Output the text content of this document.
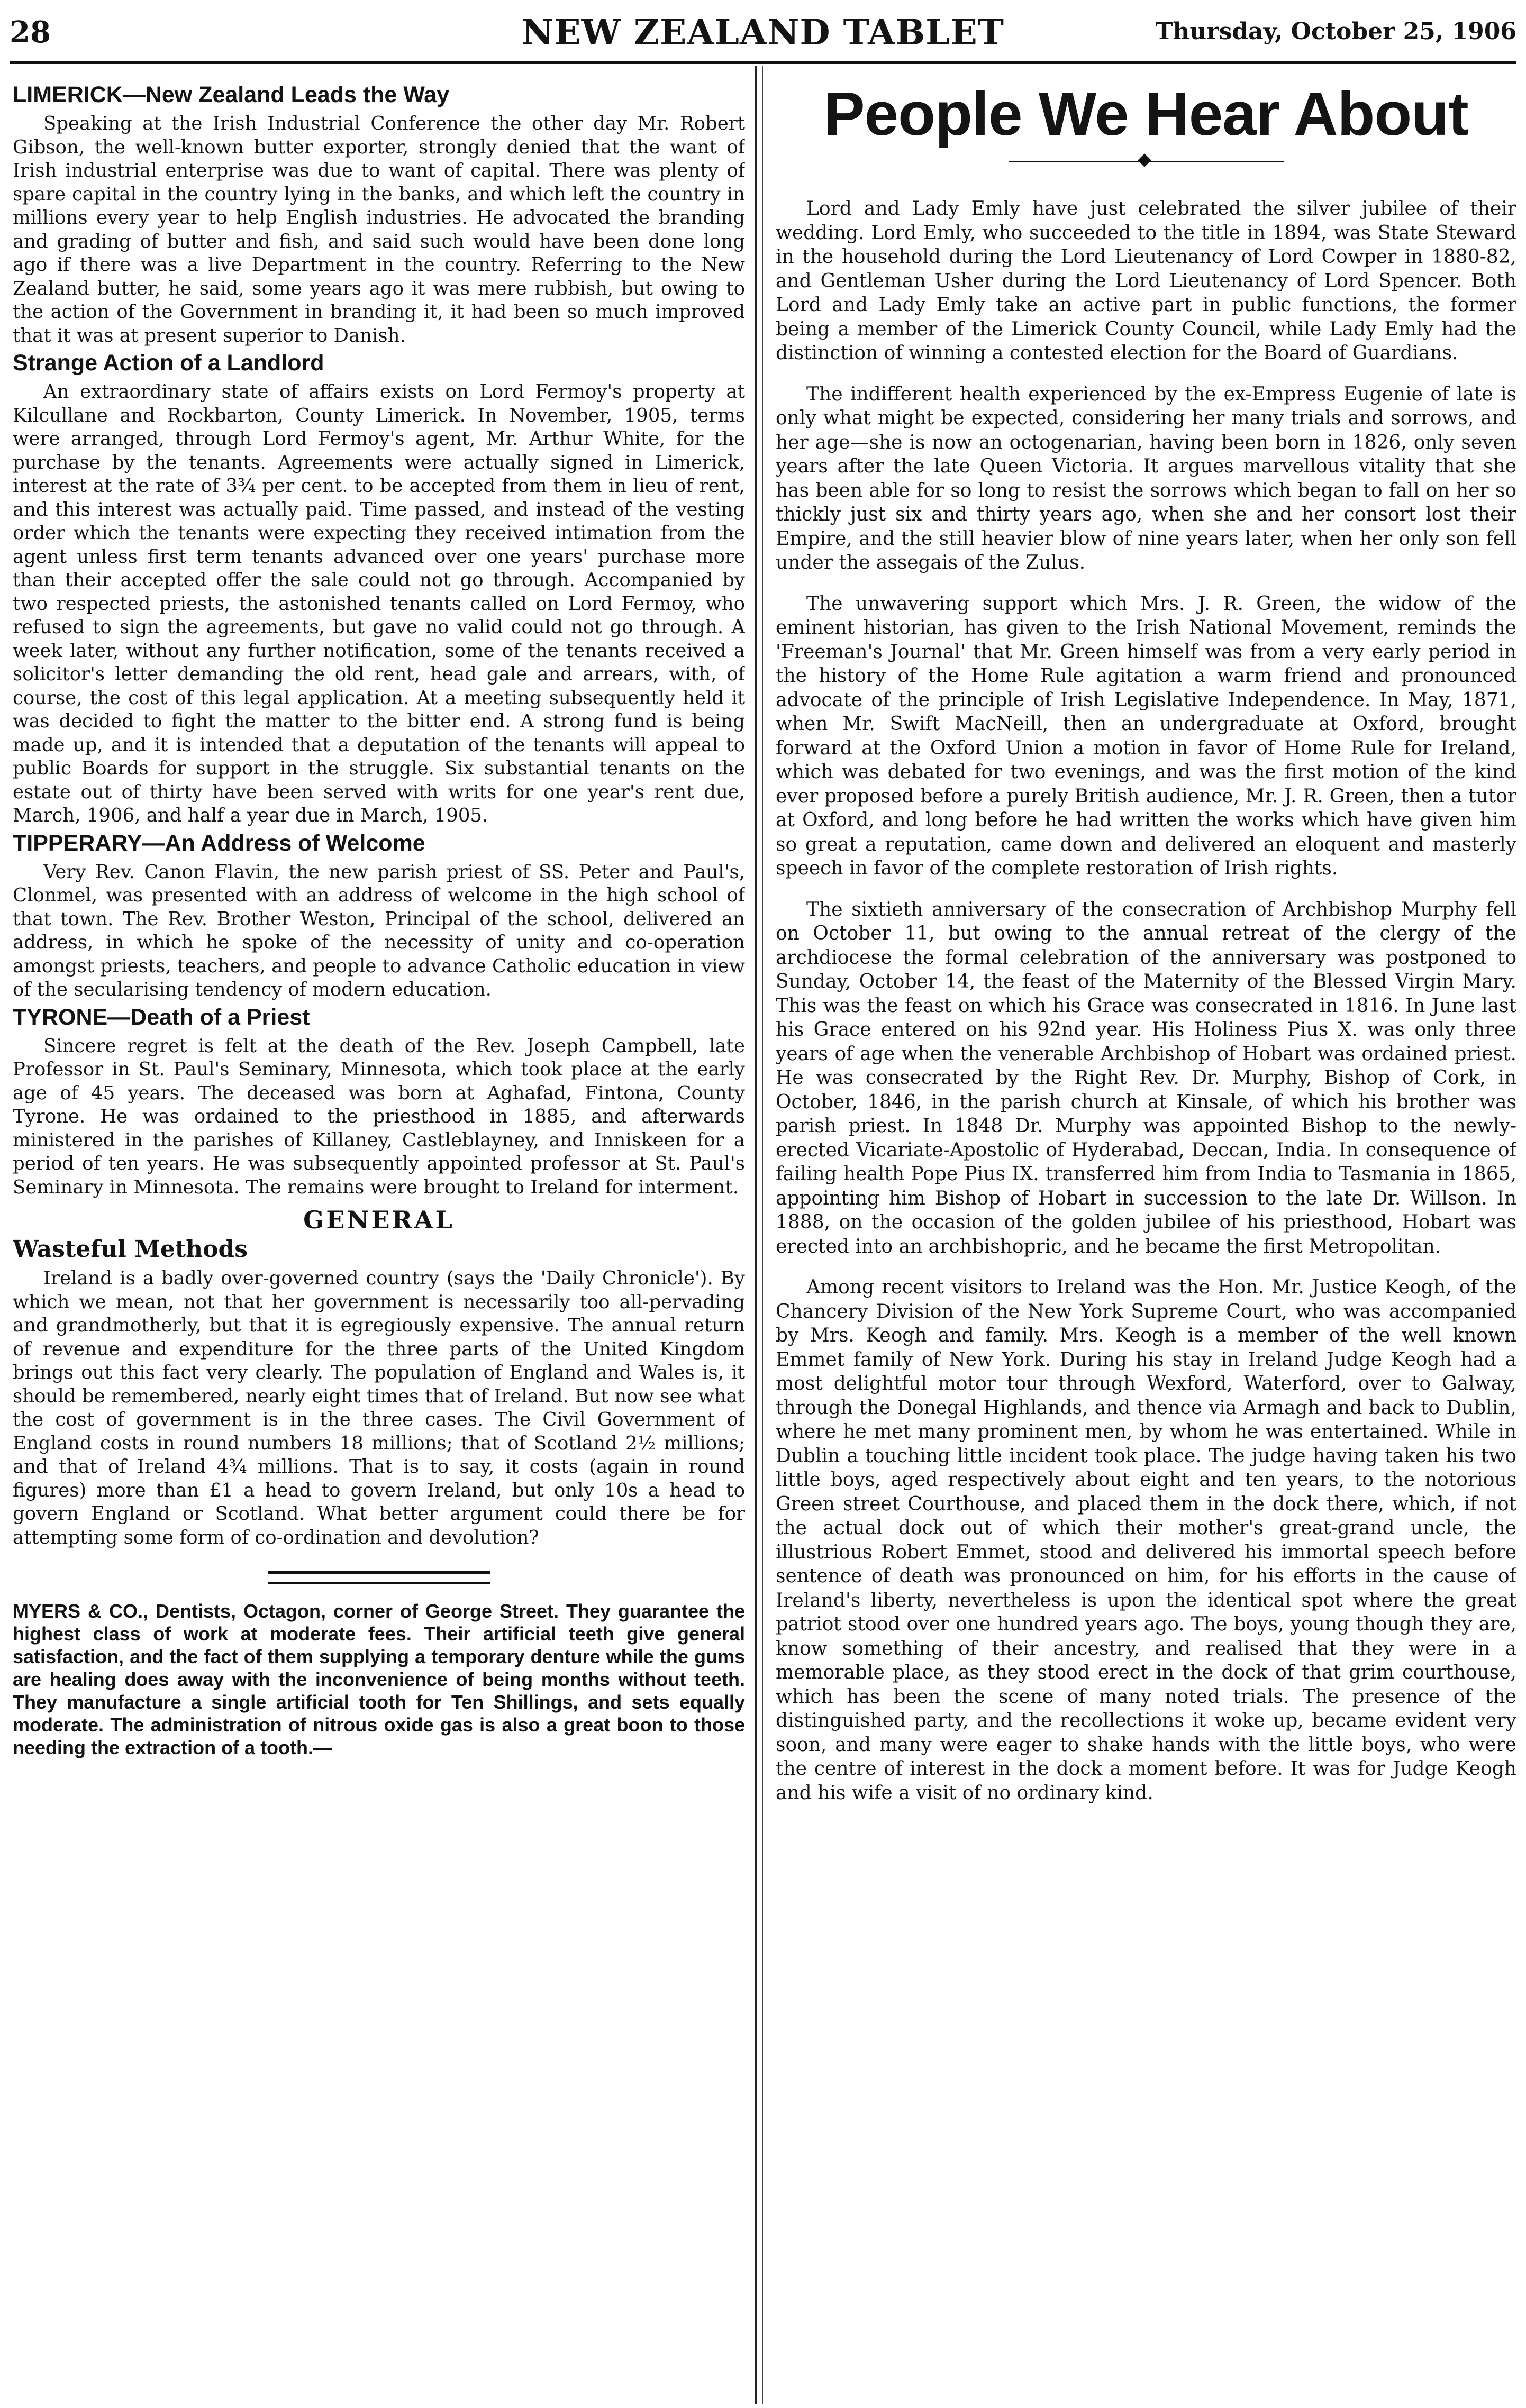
28	NEW ZEALAND TABLET	Thursday, October 25, 1906
LIMERICK—New Zealand Leads the Way

Speaking at the Irish Industrial Conference the other day Mr. Robert Gibson, the well-known butter exporter, strongly denied that the want of Irish industrial enterprise was due to want of capital. There was plenty of spare capital in the country lying in the banks, and which left the country in millions every year to help English industries. He advocated the branding and grading of butter and fish, and said such would have been done long ago if there was a live Department in the country. Referring to the New Zealand butter, he said, some years ago it was mere rubbish, but owing to the action of the Government in branding it, it had been so much improved that it was at present superior to Danish.

Strange Action of a Landlord

An extraordinary state of affairs exists on Lord Fermoy's property at Kilcullane and Rockbarton, County Limerick. In November, 1905, terms were arranged, through Lord Fermoy's agent, Mr. Arthur White, for the purchase by the tenants. Agreements were actually signed in Limerick, interest at the rate of 3¾ per cent. to be accepted from them in lieu of rent, and this interest was actually paid. Time passed, and instead of the vesting order which the tenants were expecting they received intimation from the agent unless first term tenants advanced over one years' purchase more than their accepted offer the sale could not go through. Accompanied by two respected priests, the astonished tenants called on Lord Fermoy, who refused to sign the agreements, but gave no valid could not go through. A week later, without any further notification, some of the tenants received a solicitor's letter demanding the old rent, head gale and arrears, with, of course, the cost of this legal application. At a meeting subsequently held it was decided to fight the matter to the bitter end. A strong fund is being made up, and it is intended that a deputation of the tenants will appeal to public Boards for support in the struggle. Six substantial tenants on the estate out of thirty have been served with writs for one year's rent due, March, 1906, and half a year due in March, 1905.

TIPPERARY—An Address of Welcome

Very Rev. Canon Flavin, the new parish priest of SS. Peter and Paul's, Clonmel, was presented with an address of welcome in the high school of that town. The Rev. Brother Weston, Principal of the school, delivered an address, in which he spoke of the necessity of unity and co-operation amongst priests, teachers, and people to advance Catholic education in view of the secularising tendency of modern education.

TYRONE—Death of a Priest

Sincere regret is felt at the death of the Rev. Joseph Campbell, late Professor in St. Paul's Seminary, Minnesota, which took place at the early age of 45 years. The deceased was born at Aghafad, Fintona, County Tyrone. He was ordained to the priesthood in 1885, and afterwards ministered in the parishes of Killaney, Castleblayney, and Inniskeen for a period of ten years. He was subsequently appointed professor at St. Paul's Seminary in Minnesota. The remains were brought to Ireland for interment.

GENERAL
Wasteful Methods

Ireland is a badly over-governed country (says the 'Daily Chronicle'). By which we mean, not that her government is necessarily too all-pervading and grandmotherly, but that it is egregiously expensive. The annual return of revenue and expenditure for the three parts of the United Kingdom brings out this fact very clearly. The population of England and Wales is, it should be remembered, nearly eight times that of Ireland. But now see what the cost of government is in the three cases. The Civil Government of England costs in round numbers 18 millions; that of Scotland 2½ millions; and that of Ireland 4¾ millions. That is to say, it costs (again in round figures) more than £1 a head to govern Ireland, but only 10s a head to govern England or Scotland. What better argument could there be for attempting some form of co-ordination and devolution?

MYERS & CO., Dentists, Octagon, corner of George Street. They guarantee the highest class of work at moderate fees. Their artificial teeth give general satisfaction, and the fact of them supplying a temporary denture while the gums are healing does away with the inconvenience of being months without teeth. They manufacture a single artificial tooth for Ten Shillings, and sets equally moderate. The administration of nitrous oxide gas is also a great boon to those needing the extraction of a tooth.—

People We Hear About

Lord and Lady Emly have just celebrated the silver jubilee of their wedding. Lord Emly, who succeeded to the title in 1894, was State Steward in the household during the Lord Lieutenancy of Lord Cowper in 1880-82, and Gentleman Usher during the Lord Lieutenancy of Lord Spencer. Both Lord and Lady Emly take an active part in public functions, the former being a member of the Limerick County Council, while Lady Emly had the distinction of winning a contested election for the Board of Guardians.

The indifferent health experienced by the ex-Empress Eugenie of late is only what might be expected, considering her many trials and sorrows, and her age—she is now an octogenarian, having been born in 1826, only seven years after the late Queen Victoria. It argues marvellous vitality that she has been able for so long to resist the sorrows which began to fall on her so thickly just six and thirty years ago, when she and her consort lost their Empire, and the still heavier blow of nine years later, when her only son fell under the assegais of the Zulus.

The unwavering support which Mrs. J. R. Green, the widow of the eminent historian, has given to the Irish National Movement, reminds the 'Freeman's Journal' that Mr. Green himself was from a very early period in the history of the Home Rule agitation a warm friend and pronounced advocate of the principle of Irish Legislative Independence. In May, 1871, when Mr. Swift MacNeill, then an undergraduate at Oxford, brought forward at the Oxford Union a motion in favor of Home Rule for Ireland, which was debated for two evenings, and was the first motion of the kind ever proposed before a purely British audience, Mr. J. R. Green, then a tutor at Oxford, and long before he had written the works which have given him so great a reputation, came down and delivered an eloquent and masterly speech in favor of the complete restoration of Irish rights.

The sixtieth anniversary of the consecration of Archbishop Murphy fell on October 11, but owing to the annual retreat of the clergy of the archdiocese the formal celebration of the anniversary was postponed to Sunday, October 14, the feast of the Maternity of the Blessed Virgin Mary. This was the feast on which his Grace was consecrated in 1816. In June last his Grace entered on his 92nd year. His Holiness Pius X. was only three years of age when the venerable Archbishop of Hobart was ordained priest. He was consecrated by the Right Rev. Dr. Murphy, Bishop of Cork, in October, 1846, in the parish church at Kinsale, of which his brother was parish priest. In 1848 Dr. Murphy was appointed Bishop to the newly-erected Vicariate-Apostolic of Hyderabad, Deccan, India. In consequence of failing health Pope Pius IX. transferred him from India to Tasmania in 1865, appointing him Bishop of Hobart in succession to the late Dr. Willson. In 1888, on the occasion of the golden jubilee of his priesthood, Hobart was erected into an archbishopric, and he became the first Metropolitan.

Among recent visitors to Ireland was the Hon. Mr. Justice Keogh, of the Chancery Division of the New York Supreme Court, who was accompanied by Mrs. Keogh and family. Mrs. Keogh is a member of the well known Emmet family of New York. During his stay in Ireland Judge Keogh had a most delightful motor tour through Wexford, Waterford, over to Galway, through the Donegal Highlands, and thence via Armagh and back to Dublin, where he met many prominent men, by whom he was entertained. While in Dublin a touching little incident took place. The judge having taken his two little boys, aged respectively about eight and ten years, to the notorious Green street Courthouse, and placed them in the dock there, which, if not the actual dock out of which their mother's great-grand uncle, the illustrious Robert Emmet, stood and delivered his immortal speech before sentence of death was pronounced on him, for his efforts in the cause of Ireland's liberty, nevertheless is upon the identical spot where the great patriot stood over one hundred years ago. The boys, young though they are, know something of their ancestry, and realised that they were in a memorable place, as they stood erect in the dock of that grim courthouse, which has been the scene of many noted trials. The presence of the distinguished party, and the recollections it woke up, became evident very soon, and many were eager to shake hands with the little boys, who were the centre of interest in the dock a moment before. It was for Judge Keogh and his wife a visit of no ordinary kind.
